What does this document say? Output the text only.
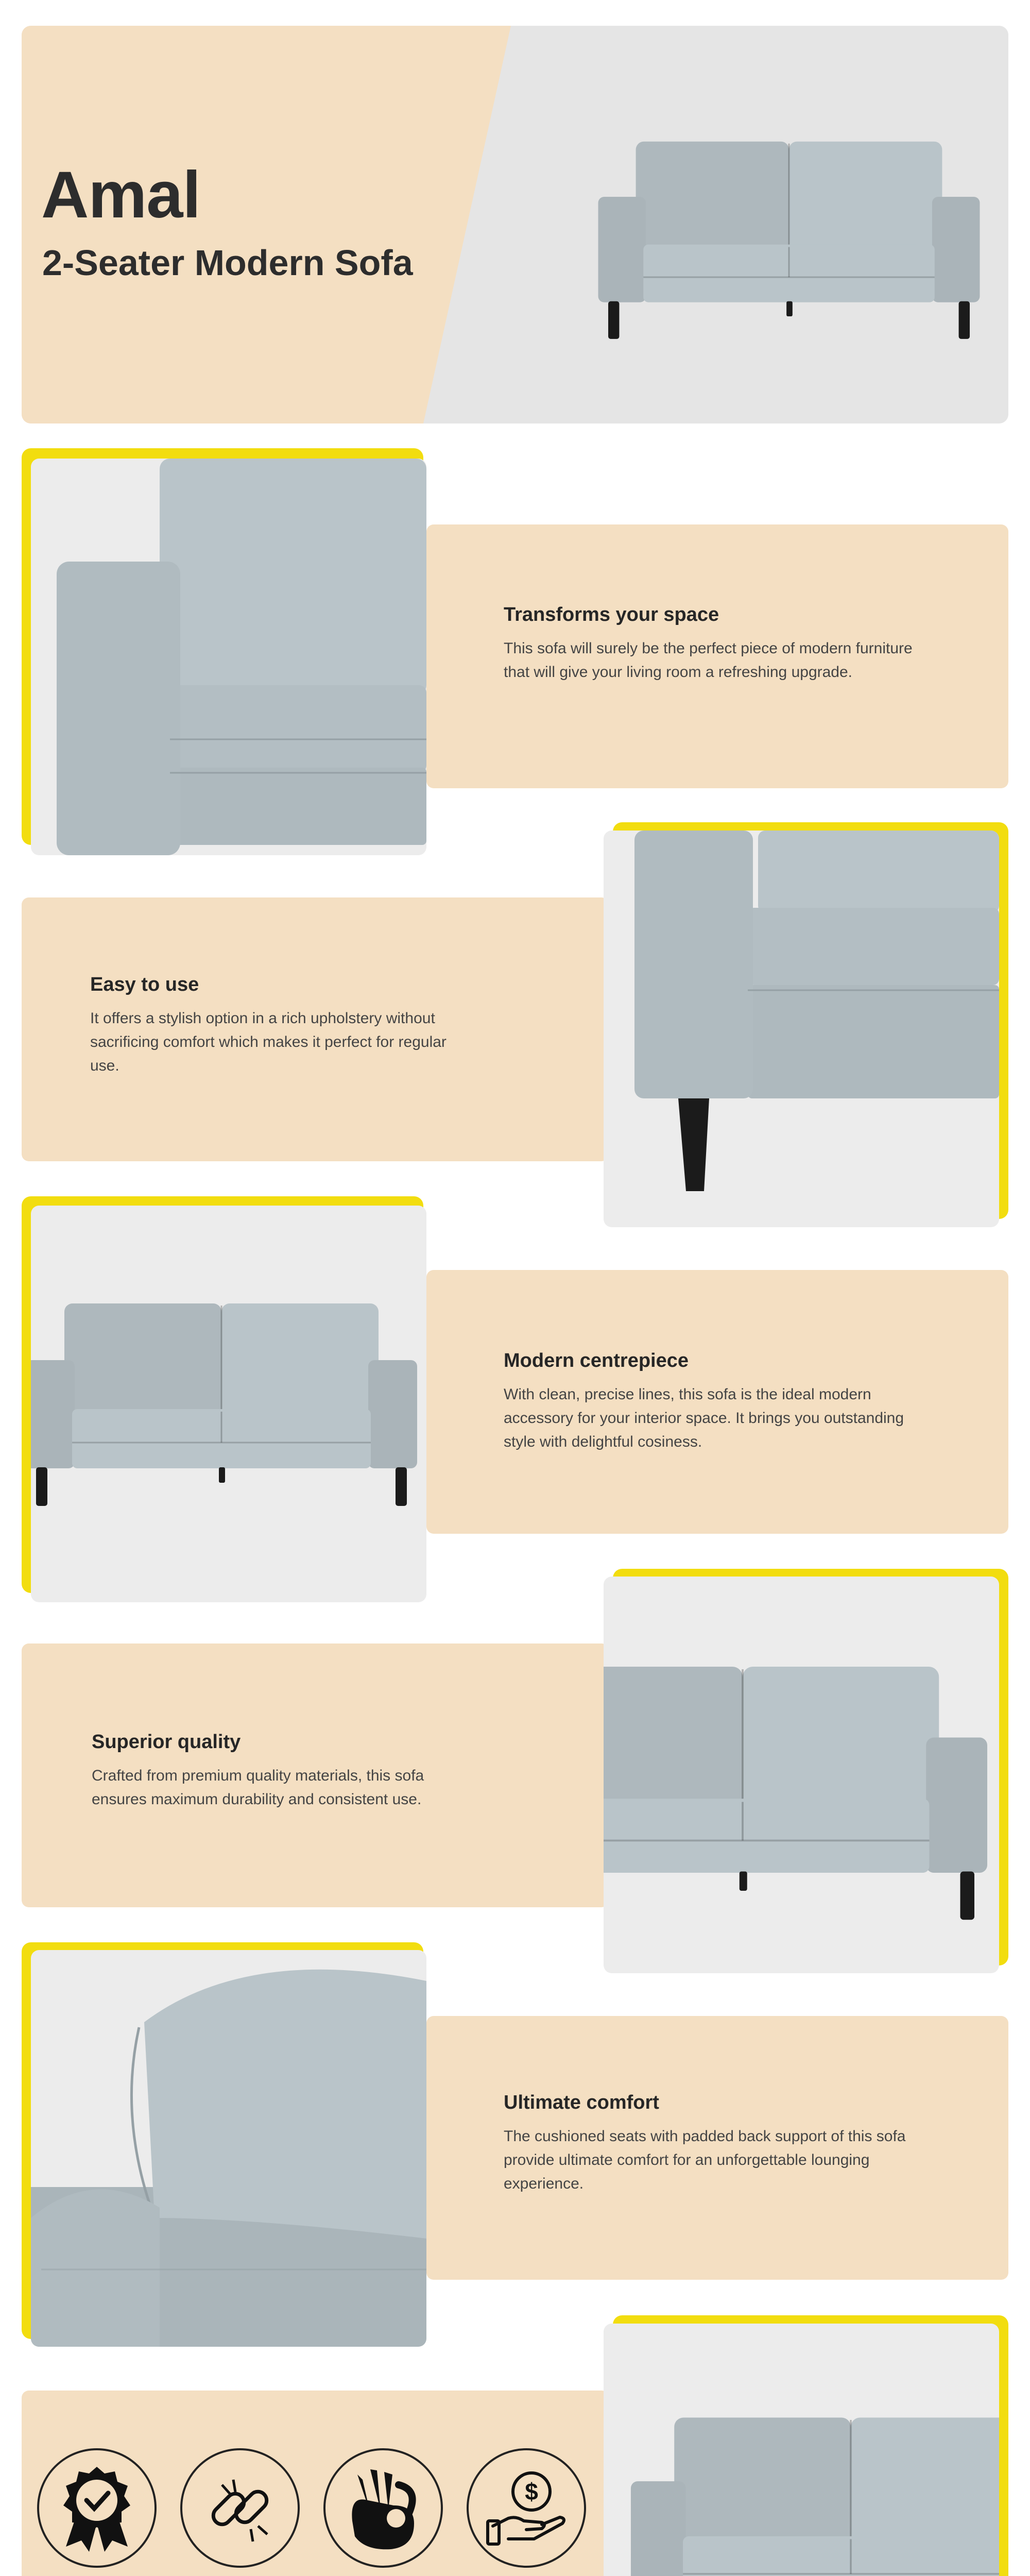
Amal
2-Seater Modern Sofa
Transforms your space
This sofa will surely be the perfect piece of modern furniture that will give your living room a refreshing upgrade.
Easy to use
It offers a stylish option in a rich upholstery without sacrificing comfort which makes it perfect for regular use.
Modern centrepiece
With clean, precise lines, this sofa is the ideal modern accessory for your interior space. It brings you outstanding style with delightful cosiness.
Superior quality
Crafted from premium quality materials, this sofa ensures maximum durability and consistent use.
Ultimate comfort
The cushioned seats with padded back support of this sofa provide ultimate comfort for an unforgettable lounging experience.
$
